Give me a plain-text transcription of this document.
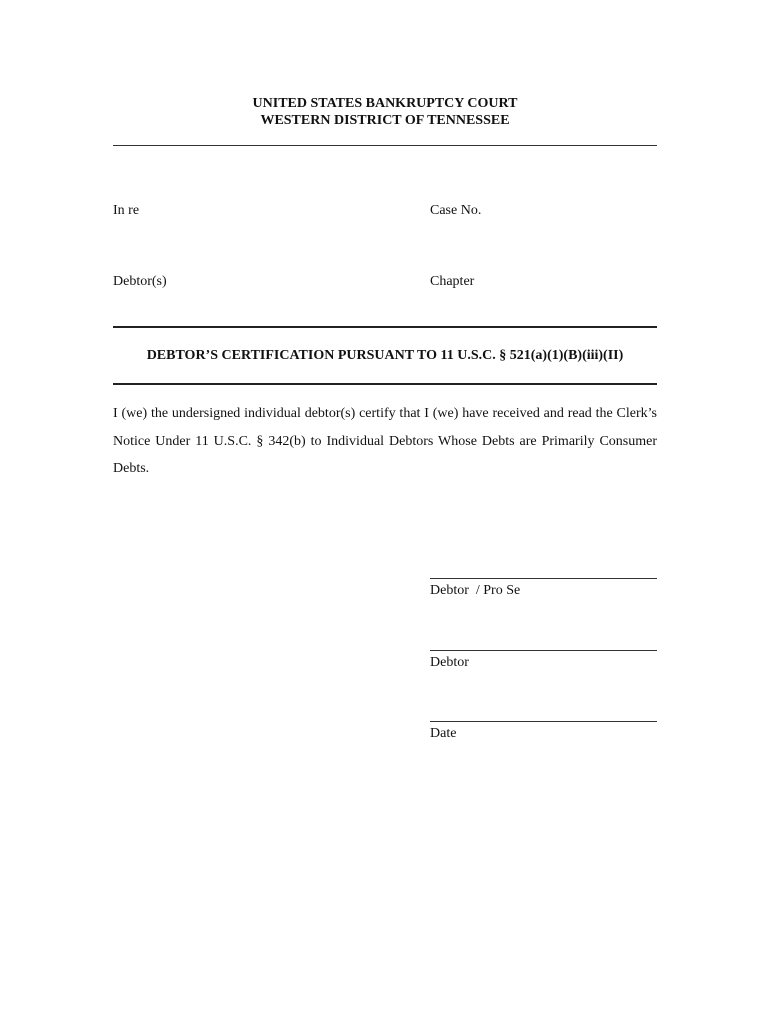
UNITED STATES BANKRUPTCY COURT
WESTERN DISTRICT OF TENNESSEE
In re	Case No.
Debtor(s)	Chapter
DEBTOR’S CERTIFICATION PURSUANT TO 11 U.S.C. § 521(a)(1)(B)(iii)(II)
I (we) the undersigned individual debtor(s) certify that I (we) have received and read the Clerk’s Notice Under 11 U.S.C. § 342(b) to Individual Debtors Whose Debts are Primarily Consumer Debts.
Debtor  / Pro Se
Debtor
Date
